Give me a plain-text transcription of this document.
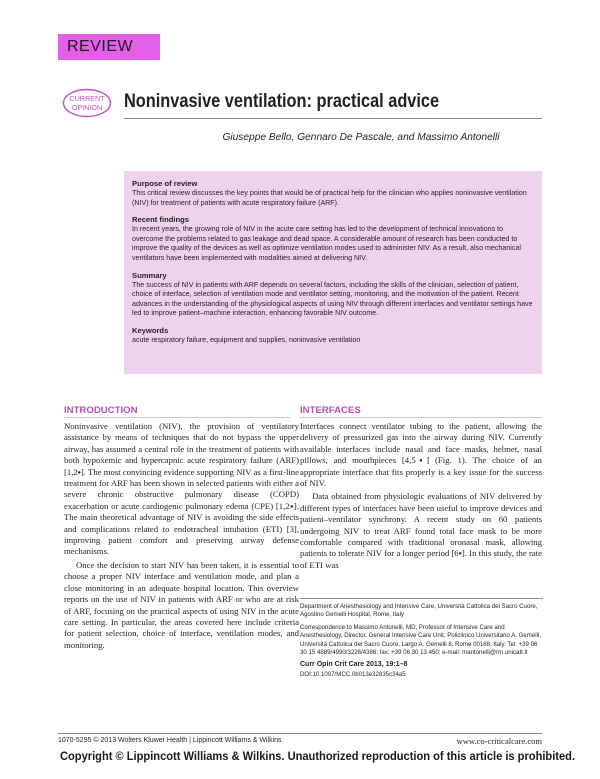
REVIEW
CURRENT
OPINION Noninvasive ventilation: practical advice
Giuseppe Bello, Gennaro De Pascale, and Massimo Antonelli

Purpose of review

This critical review discusses the key points that would be of practical help for the clinician who applies noninvasive ventilation (NIV) for treatment of patients with acute respiratory failure (ARF).

Recent findings

In recent years, the growing role of NIV in the acute care setting has led to the development of technical innovations to overcome the problems related to gas leakage and dead space. A considerable amount of research has been conducted to improve the quality of the devices as well as optimize ventilation modes used to administer NIV. As a result, also mechanical ventilators have been implemented with modalities aimed at delivering NIV.

Summary

The success of NIV in patients with ARF depends on several factors, including the skills of the clinician, selection of patient, choice of interface, selection of ventilation mode and ventilator setting, monitoring, and the motivation of the patient. Recent advances in the understanding of the physiological aspects of using NIV through different interfaces and ventilator settings have led to improve patient–machine interaction, enhancing favorable NIV outcome.

Keywords

acute respiratory failure, equipment and supplies, noninvasive ventilation

INTRODUCTION

Noninvasive ventilation (NIV), the provision of ventilatory assistance by means of techniques that do not bypass the upper airway, has assumed a central role in the treatment of patients with both hypoxemic and hypercapnic acute respiratory failure (ARF) [1,2▪]. The most convincing evidence supporting NIV as a first-line treatment for ARF has been shown in selected patients with either a severe chronic obstructive pulmonary disease (COPD) exacerbation or acute cardiogenic pulmonary edema (CPE) [1,2▪]. The main theoretical advantage of NIV is avoiding the side effects and complications related to endotracheal intubation (ETI) [3], improving patient comfort and preserving airway defense mechanisms.

Once the decision to start NIV has been taken, it is essential to choose a proper NIV interface and ventilation mode, and plan a close monitoring in an adequate hospital location. This overview reports on the use of NIV in patients with ARF or who are at risk of ARF, focusing on the practical aspects of using NIV in the acute care setting. In particular, the areas covered here include criteria for patient selection, choice of interface, ventilation modes, and monitoring.

INTERFACES

Interfaces connect ventilator tubing to the patient, allowing the delivery of pressurized gas into the airway during NIV. Currently available interfaces include nasal and face masks, helmet, nasal pillows, and mouthpieces [4,5▪] (Fig. 1). The choice of an appropriate interface that fits properly is a key issue for the success of NIV.

Data obtained from physiologic evaluations of NIV delivered by different types of interfaces have been useful to improve devices and patient–ventilator synchrony. A recent study on 60 patients undergoing NIV to treat ARF found total face mask to be more comfortable compared with traditional oronasal mask, allowing patients to tolerate NIV for a longer period [6▪]. In this study, the rate of ETI was

Department of Anesthesiology and Intensive Care, Università Cattolica del Sacro Cuore, Agostino Gemelli Hospital, Rome, Italy

Correspondence to Massimo Antonelli, MD, Professor of Intensive Care and Anesthesiology, Director, General Intensive Care Unit, Policlinico Universitario A. Gemelli, Università Cattolica del Sacro Cuore, Largo A. Gemelli 8, Rome 00168, Italy. Tel: +39 06 30 15 4889/4990/3226/4386; fax: +39 06 30 13 450; e-mail: mantonelli@rm.unicatt.it

Curr Opin Crit Care 2013, 19:1–8

DOI:10.1097/MCC.0b013e32835c34a5

1070-5295 © 2013 Wolters Kluwer Health | Lippincott Williams & Wilkins	www.co-criticalcare.com
Copyright © Lippincott Williams & Wilkins. Unauthorized reproduction of this article is prohibited.
